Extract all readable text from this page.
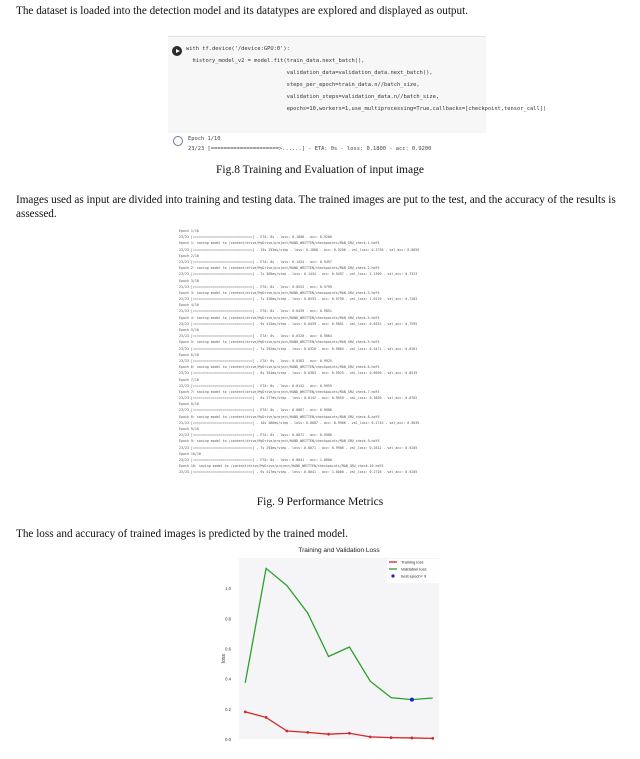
The dataset is loaded into the detection model and its datatypes are explored and displayed as output.
with tf.device('/device:GPU:0'):
history_model_v2 = model.fit(train_data.next_batch(),
validation_data=validation_data.next_batch(),
steps_per_epoch=train_data.n//batch_size,
validation_steps=validation_data.n//batch_size,
epochs=10,workers=1,use_multiprocessing=True,callbacks=[checkpoint,tensor_call])
Epoch 1/10
23/23 [=====================>......] - ETA: 0s - loss: 0.1800 - acc: 0.9200
Fig.8 Training and Evaluation of input image
Images used as input are divided into training and testing data. The trained images are put to the test, and the accuracy of the results is assessed.
Epoch 1/10
23/23 [==============================] - ETA: 0s - loss: 0.1800 - acc: 0.9200
Epoch 1: saving model to /content/drive/MyDrive/project/HAND_WRITTEN/checkpoints/MAN_GRU_check-1.hdf5
23/23 [==============================] - 19s 293ms/step - loss: 0.1800 - acc: 0.9200 - val_loss: 0.3730 - val_acc: 0.8859
Epoch 2/10
23/23 [==============================] - ETA: 0s - loss: 0.1434 - acc: 0.9497
Epoch 2: saving model to /content/drive/MyDrive/project/HAND_WRITTEN/checkpoints/MAN_GRU_check-2.hdf5
23/23 [==============================] - 7s 309ms/step - loss: 0.1434 - acc: 0.9497 - val_loss: 1.1309 - val_acc: 0.7323
Epoch 3/10
23/23 [==============================] - ETA: 0s - loss: 0.0533 - acc: 0.9799
Epoch 3: saving model to /content/drive/MyDrive/project/HAND_WRITTEN/checkpoints/MAN_GRU_check-3.hdf5
23/23 [==============================] - 7s 320ms/step - loss: 0.0533 - acc: 0.9799 - val_loss: 1.0170 - val_acc: 0.7283
Epoch 4/10
23/23 [==============================] - ETA: 0s - loss: 0.0439 - acc: 0.9851
Epoch 4: saving model to /content/drive/MyDrive/project/HAND_WRITTEN/checkpoints/MAN_GRU_check-4.hdf5
23/23 [==============================] - 9s 415ms/step - loss: 0.0439 - acc: 0.9851 - val_loss: 0.8352 - val_acc: 0.7595
Epoch 5/10
23/23 [==============================] - ETA: 0s - loss: 0.0320 - acc: 0.9864
Epoch 5: saving model to /content/drive/MyDrive/project/HAND_WRITTEN/checkpoints/MAN_GRU_check-5.hdf5
23/23 [==============================] - 7s 292ms/step - loss: 0.0320 - acc: 0.9864 - val_loss: 0.5471 - val_acc: 0.8261
Epoch 6/10
23/23 [==============================] - ETA: 0s - loss: 0.0383 - acc: 0.9925
Epoch 6: saving model to /content/drive/MyDrive/project/HAND_WRITTEN/checkpoints/MAN_GRU_check-6.hdf5
23/23 [==============================] - 8s 354ms/step - loss: 0.0383 - acc: 0.9925 - val_loss: 0.6099 - val_acc: 0.8519
Epoch 7/10
23/23 [==============================] - ETA: 0s - loss: 0.0142 - acc: 0.9959
Epoch 7: saving model to /content/drive/MyDrive/project/HAND_WRITTEN/checkpoints/MAN_GRU_check-7.hdf5
23/23 [==============================] - 6s 277ms/step - loss: 0.0142 - acc: 0.9959 - val_loss: 0.3830 - val_acc: 0.8702
Epoch 8/10
23/23 [==============================] - ETA: 0s - loss: 0.0087 - acc: 0.9986
Epoch 8: saving model to /content/drive/MyDrive/project/HAND_WRITTEN/checkpoints/MAN_GRU_check-8.hdf5
23/23 [==============================] - 10s 466ms/step - loss: 0.0087 - acc: 0.9986 - val_loss: 0.2743 - val_acc: 0.9035
Epoch 9/10
23/23 [==============================] - ETA: 0s - loss: 0.0072 - acc: 0.9986
Epoch 9: saving model to /content/drive/MyDrive/project/HAND_WRITTEN/checkpoints/MAN_GRU_check-9.hdf5
23/23 [==============================] - 7s 293ms/step - loss: 0.0071 - acc: 0.9986 - val_loss: 0.2612 - val_acc: 0.9205
Epoch 10/10
23/23 [==============================] - ETA: 0s - loss: 0.0041 - acc: 1.0000
Epoch 10: saving model to /content/drive/MyDrive/project/HAND_WRITTEN/checkpoints/MAN_GRU_check-10.hdf5
23/23 [==============================] - 9s 417ms/step - loss: 0.0041 - acc: 1.0000 - val_loss: 0.2716 - val_acc: 0.9205
Fig. 9 Performance Metrics
The loss and accuracy of trained images is predicted by the trained model.
Training and Validation Loss
loss
0.0
0.2
0.4
0.6
0.8
1.0
Training loss
Validation loss
best epoch= 9
